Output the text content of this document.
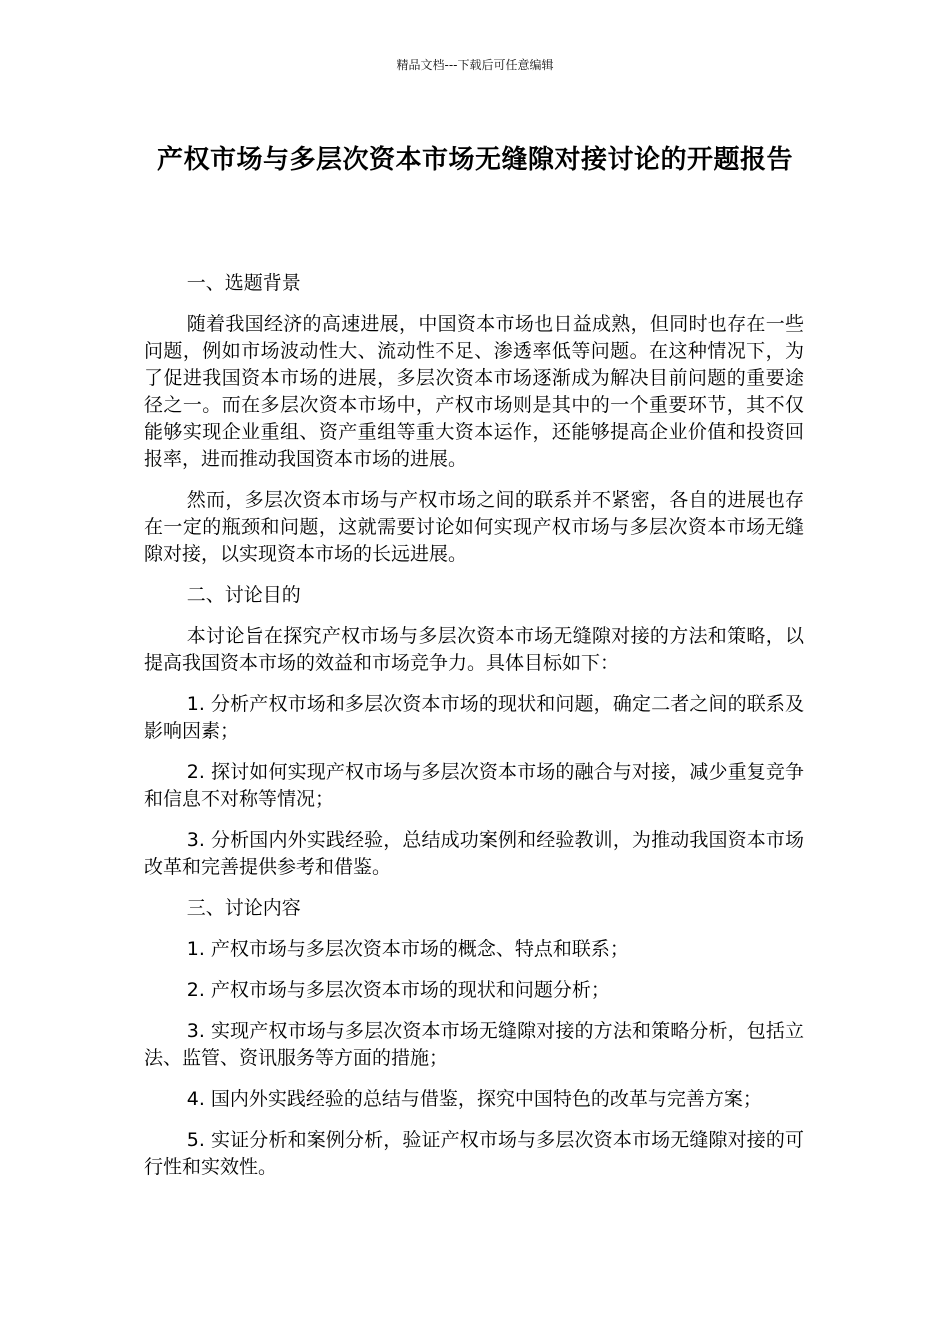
精品文档---下载后可任意编辑
产权市场与多层次资本市场无缝隙对接讨论的开题报告

一、选题背景

随着我国经济的高速进展，中国资本市场也日益成熟，但同时也存在一些问题，例如市场波动性大、流动性不足、渗透率低等问题。在这种情况下，为了促进我国资本市场的进展，多层次资本市场逐渐成为解决目前问题的重要途径之一。而在多层次资本市场中，产权市场则是其中的一个重要环节，其不仅能够实现企业重组、资产重组等重大资本运作，还能够提高企业价值和投资回报率，进而推动我国资本市场的进展。

然而，多层次资本市场与产权市场之间的联系并不紧密，各自的进展也存在一定的瓶颈和问题，这就需要讨论如何实现产权市场与多层次资本市场无缝隙对接，以实现资本市场的长远进展。

二、讨论目的

本讨论旨在探究产权市场与多层次资本市场无缝隙对接的方法和策略，以提高我国资本市场的效益和市场竞争力。具体目标如下：

1. 分析产权市场和多层次资本市场的现状和问题，确定二者之间的联系及影响因素；

2. 探讨如何实现产权市场与多层次资本市场的融合与对接，减少重复竞争和信息不对称等情况；

3. 分析国内外实践经验，总结成功案例和经验教训，为推动我国资本市场改革和完善提供参考和借鉴。

三、讨论内容

1. 产权市场与多层次资本市场的概念、特点和联系；

2. 产权市场与多层次资本市场的现状和问题分析；

3. 实现产权市场与多层次资本市场无缝隙对接的方法和策略分析，包括立法、监管、资讯服务等方面的措施；

4. 国内外实践经验的总结与借鉴，探究中国特色的改革与完善方案；

5. 实证分析和案例分析，验证产权市场与多层次资本市场无缝隙对接的可行性和实效性。
